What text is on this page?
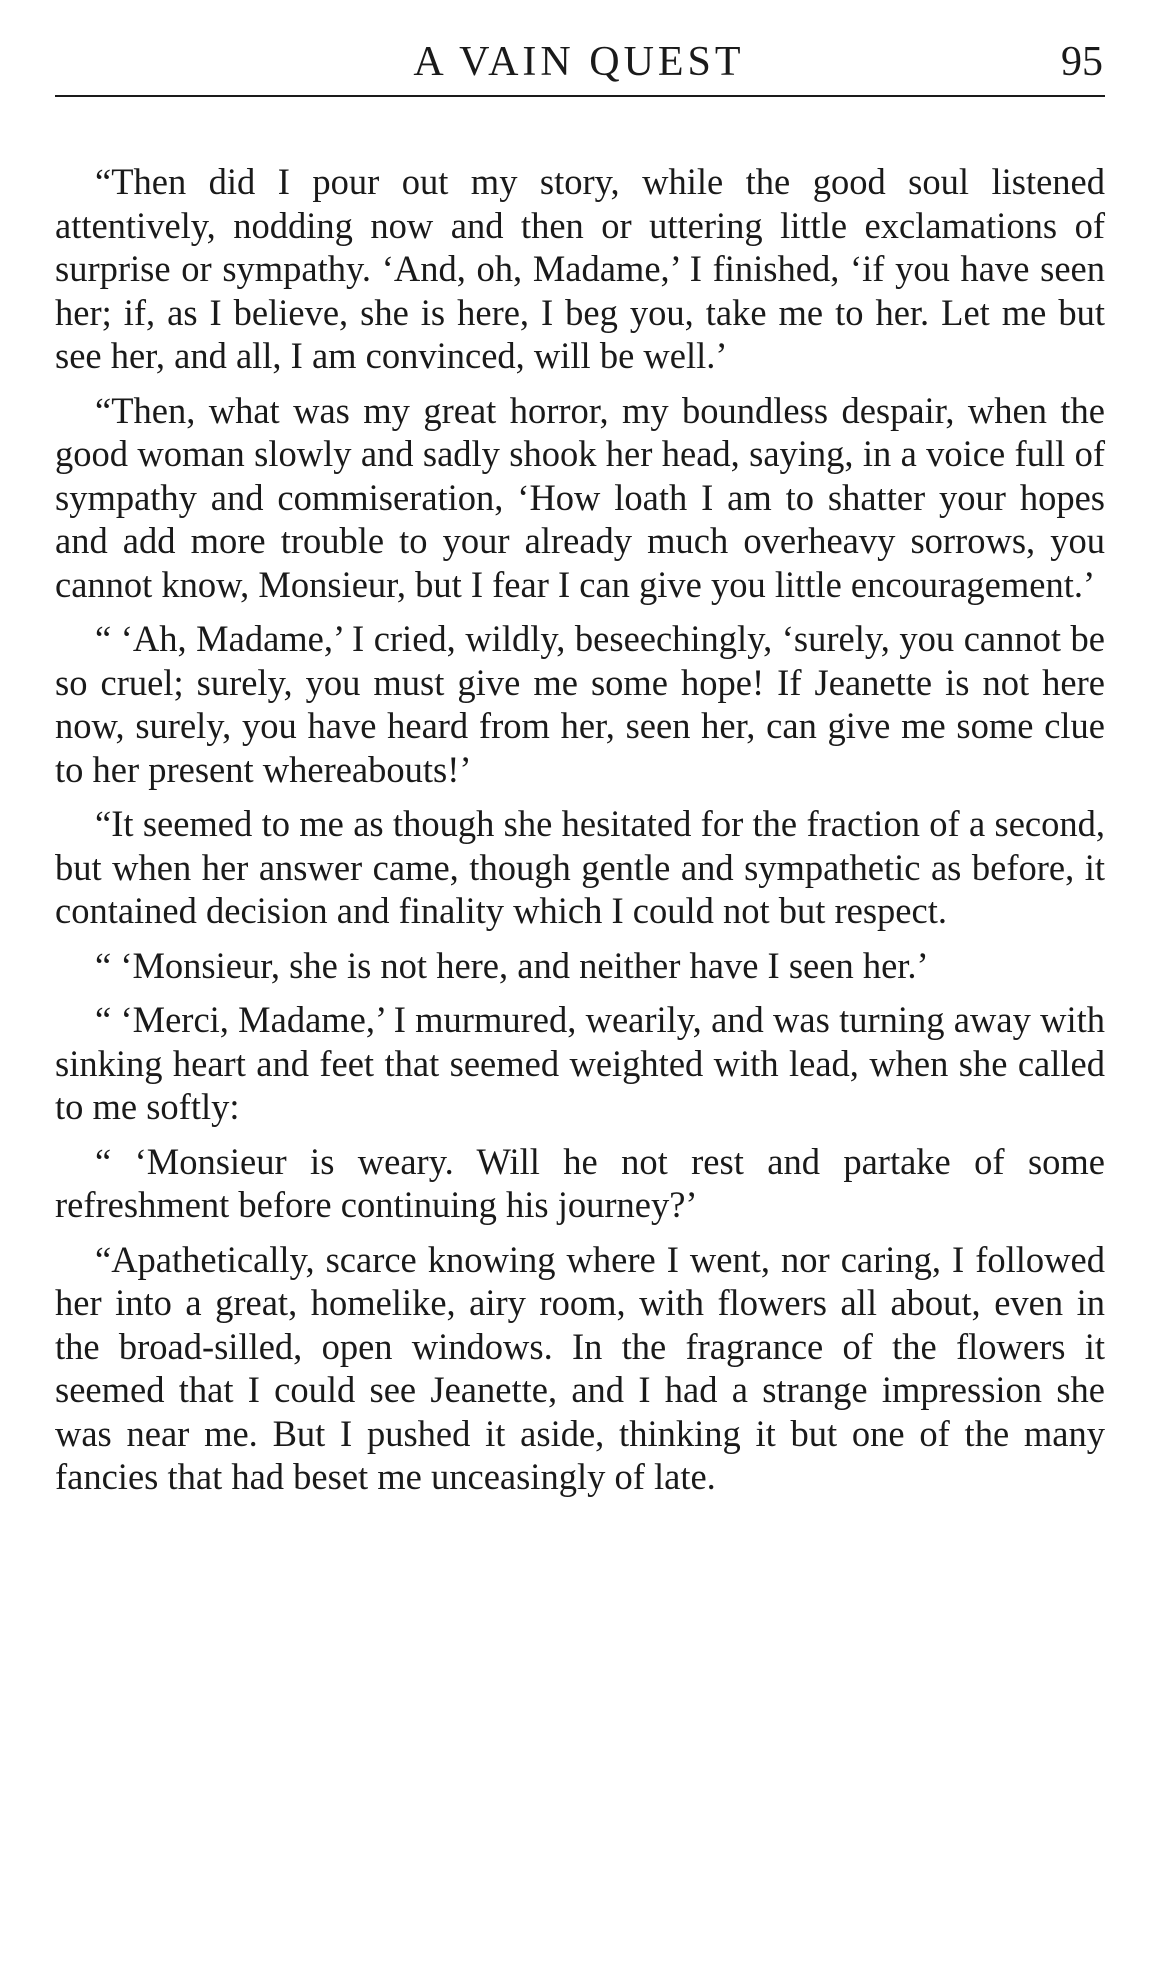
A VAIN QUEST	95

“Then did I pour out my story, while the good soul listened attentively, nodding now and then or uttering little exclamations of surprise or sympathy. ‘And, oh, Madame,’ I finished, ‘if you have seen her; if, as I believe, she is here, I beg you, take me to her. Let me but see her, and all, I am convinced, will be well.’

“Then, what was my great horror, my boundless despair, when the good woman slowly and sadly shook her head, saying, in a voice full of sympathy and commiseration, ‘How loath I am to shatter your hopes and add more trouble to your already much overheavy sorrows, you cannot know, Monsieur, but I fear I can give you little encouragement.’

“ ‘Ah, Madame,’ I cried, wildly, beseechingly, ‘surely, you cannot be so cruel; surely, you must give me some hope! If Jeanette is not here now, surely, you have heard from her, seen her, can give me some clue to her present whereabouts!’

“It seemed to me as though she hesitated for the fraction of a second, but when her answer came, though gentle and sympathetic as before, it contained decision and finality which I could not but respect.

“ ‘Monsieur, she is not here, and neither have I seen her.’

“ ‘Merci, Madame,’ I murmured, wearily, and was turning away with sinking heart and feet that seemed weighted with lead, when she called to me softly:

“ ‘Monsieur is weary. Will he not rest and partake of some refreshment before continuing his journey?’

“Apathetically, scarce knowing where I went, nor caring, I followed her into a great, homelike, airy room, with flowers all about, even in the broad-silled, open windows. In the fragrance of the flowers it seemed that I could see Jeanette, and I had a strange impression she was near me. But I pushed it aside, thinking it but one of the many fancies that had beset me unceasingly of late.
